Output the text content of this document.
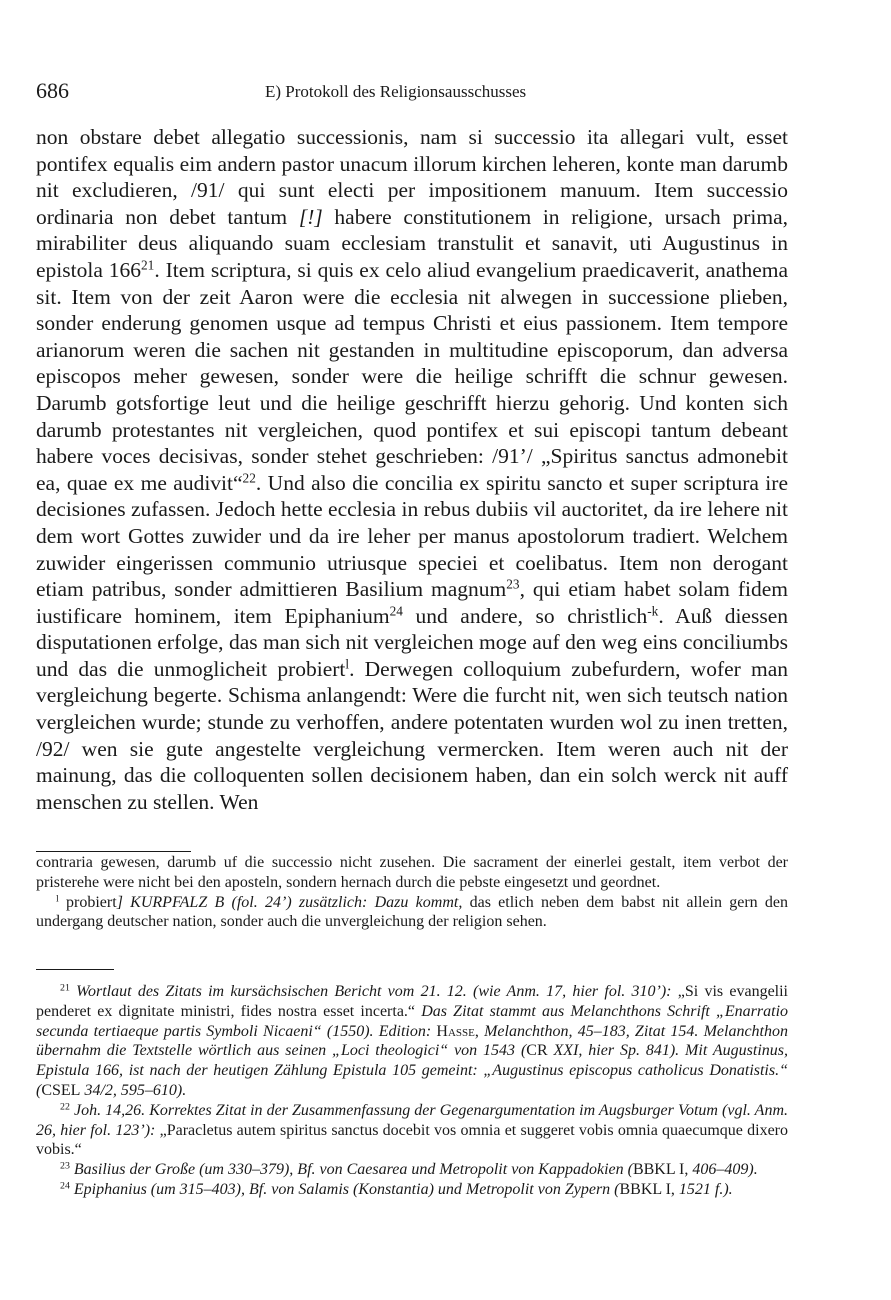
686	E) Protokoll des Religionsausschusses

non obstare debet allegatio successionis, nam si successio ita allegari vult, esset pontifex equalis eim andern pastor unacum illorum kirchen leheren, konte man darumb nit excludieren, /91/ qui sunt electi per impositionem manuum. Item successio ordinaria non debet tantum [!] habere constitutionem in religione, ursach prima, mirabiliter deus aliquando suam ecclesiam transtulit et sanavit, uti Augustinus in epistola $166^{21}$. Item scriptura, si quis ex celo aliud evangelium praedicaverit, anathema sit. Item von der zeit Aaron were die ecclesia nit alwegen in successione plieben, sonder enderung genomen usque ad tempus Christi et eius passionem. Item tempore arianorum weren die sachen nit gestanden in multitudine episcoporum, dan adversa episcopos meher gewesen, sonder were die heilige schrifft die schnur gewesen. Darumb gotsfortige leut und die heilige geschrifft hierzu gehorig. Und konten sich darumb protestantes nit vergleichen, quod pontifex et sui episcopi tantum debeant habere voces decisivas, sonder stehet geschrieben: /91’/ „Spiritus sanctus admonebit ea, quae ex me audivit“$^{22}$. Und also die concilia ex spiritu sancto et super scriptura ire decisiones zufassen. Jedoch hette ecclesia in rebus dubiis vil auctoritet, da ire lehere nit dem wort Gottes zuwider und da ire leher per manus apostolorum tradiert. Welchem zuwider eingerissen communio utriusque speciei et coelibatus. Item non derogant etiam patribus, sonder admittieren Basilium magnum$^{23}$, qui etiam habet solam fidem iustificare hominem, item Epiphanium$^{24}$ und andere, so christlich$^{-k}$. Auß diessen disputationen erfolge, das man sich nit vergleichen moge auf den weg eins conciliumbs und das die unmoglicheit probiert$^l$. Derwegen colloquium zubefurdern, wofer man vergleichung begerte. Schisma anlangendt: Were die furcht nit, wen sich teutsch nation vergleichen wurde; stunde zu verhoffen, andere potentaten wurden wol zu inen tretten, /92/ wen sie gute angestelte vergleichung vermercken. Item weren auch nit der mainung, das die colloquenten sollen decisionem haben, dan ein solch werck nit auff menschen zu stellen. Wen

contraria gewesen, darumb uf die successio nicht zusehen. Die sacrament der einerlei gestalt, item verbot der pristerehe were nicht bei den aposteln, sondern hernach durch die pebste eingesetzt und geordnet.

$^l$ probiert] KURPFALZ B (fol. 24’) zusätzlich: Dazu kommt, das etlich neben dem babst nit allein gern den undergang deutscher nation, sonder auch die unvergleichung der religion sehen.

$^{21}$ Wortlaut des Zitats im kursächsischen Bericht vom 21. 12. (wie Anm. 17, hier fol. 310’): „Si vis evangelii penderet ex dignitate ministri, fides nostra esset incerta.“ Das Zitat stammt aus Melanchthons Schrift „Enarratio secunda tertiaeque partis Symboli Nicaeni“ (1550). Edition: Hasse, Melanchthon, 45–183, Zitat 154. Melanchthon übernahm die Textstelle wörtlich aus seinen „Loci theologici“ von 1543 (CR XXI, hier Sp. 841). Mit Augustinus, Epistula 166, ist nach der heutigen Zählung Epistula 105 gemeint: „Augustinus episcopus catholicus Donatistis.“ (CSEL 34/2, 595–610).

$^{22}$ Joh. 14,26. Korrektes Zitat in der Zusammenfassung der Gegenargumentation im Augsburger Votum (vgl. Anm. 26, hier fol. 123’): „Paracletus autem spiritus sanctus docebit vos omnia et suggeret vobis omnia quaecumque dixero vobis.“

$^{23}$ Basilius der Große (um 330–379), Bf. von Caesarea und Metropolit von Kappadokien (BBKL I, 406–409).

$^{24}$ Epiphanius (um 315–403), Bf. von Salamis (Konstantia) und Metropolit von Zypern (BBKL I, 1521 f.).
